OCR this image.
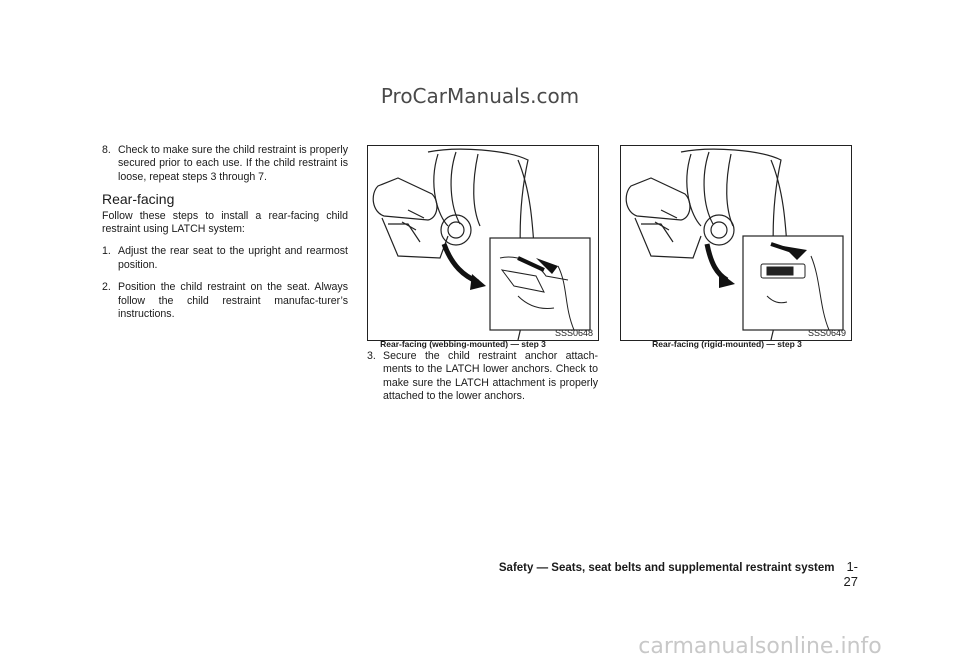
ProCarManuals.com
8. Check to make sure the child restraint is properly secured prior to each use. If the child restraint is loose, repeat steps 3 through 7.
Rear-facing
Follow these steps to install a rear-facing child restraint using LATCH system:
1. Adjust the rear seat to the upright and rearmost position.
2. Position the child restraint on the seat. Always follow the child restraint manufac-turer’s instructions.
SSS0648
Rear-facing (webbing-mounted) — step 3
SSS0649
Rear-facing (rigid-mounted) — step 3
3. Secure the child restraint anchor attach-ments to the LATCH lower anchors. Check to make sure the LATCH attachment is properly attached to the lower anchors.
Safety — Seats, seat belts and supplemental restraint system 1-27
carmanualsonline.info
